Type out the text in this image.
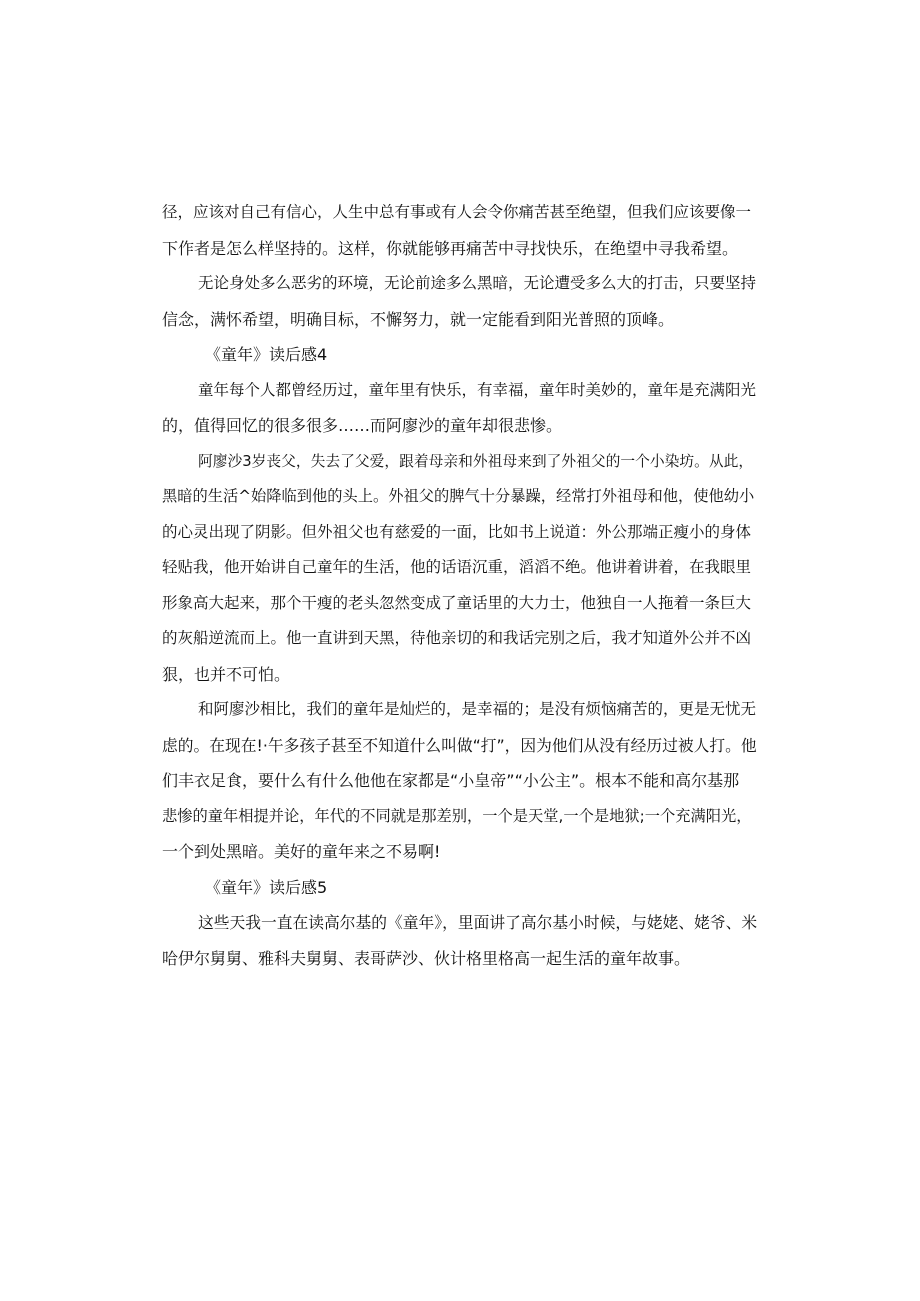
径，应该对自己有信心，人生中总有事或有人会令你痛苦甚至绝望，但我们应该要像一
下作者是怎么样坚持的。这样，你就能够再痛苦中寻找快乐，在绝望中寻我希望。
无论身处多么恶劣的环境，无论前途多么黑暗，无论遭受多么大的打击，只要坚持
信念，满怀希望，明确目标，不懈努力，就一定能看到阳光普照的顶峰。
《童年》读后感4
童年每个人都曾经历过，童年里有快乐，有幸福，童年时美妙的，童年是充满阳光
的，值得回忆的很多很多……而阿廖沙的童年却很悲惨。
阿廖沙3岁丧父，失去了父爱，跟着母亲和外祖母来到了外祖父的一个小染坊。从此，
黑暗的生活^始降临到他的头上。外祖父的脾气十分暴躁，经常打外祖母和他，使他幼小
的心灵出现了阴影。但外祖父也有慈爱的一面，比如书上说道：外公那端正瘦小的身体
轻贴我，他开始讲自己童年的生活，他的话语沉重，滔滔不绝。他讲着讲着，在我眼里
形象高大起来，那个干瘦的老头忽然变成了童话里的大力士，他独自一人拖着一条巨大
的灰船逆流而上。他一直讲到天黑，待他亲切的和我话完别之后，我才知道外公并不凶
狠，也并不可怕。
和阿廖沙相比，我们的童年是灿烂的，是幸福的；是没有烦恼痛苦的，更是无忧无
虑的。在现在!·午多孩子甚至不知道什么叫做“打”，因为他们从没有经历过被人打。他
们丰衣足食，要什么有什么他他在家都是“小皇帝”“小公主”。根本不能和高尔基那
悲惨的童年相提并论，年代的不同就是那差别，一个是天堂,一个是地狱;一个充满阳光，
一个到处黑暗。美好的童年来之不易啊!
《童年》读后感5
这些天我一直在读高尔基的《童年》，里面讲了高尔基小时候，与姥姥、姥爷、米
哈伊尔舅舅、雅科夫舅舅、表哥萨沙、伙计格里格高一起生活的童年故事。
